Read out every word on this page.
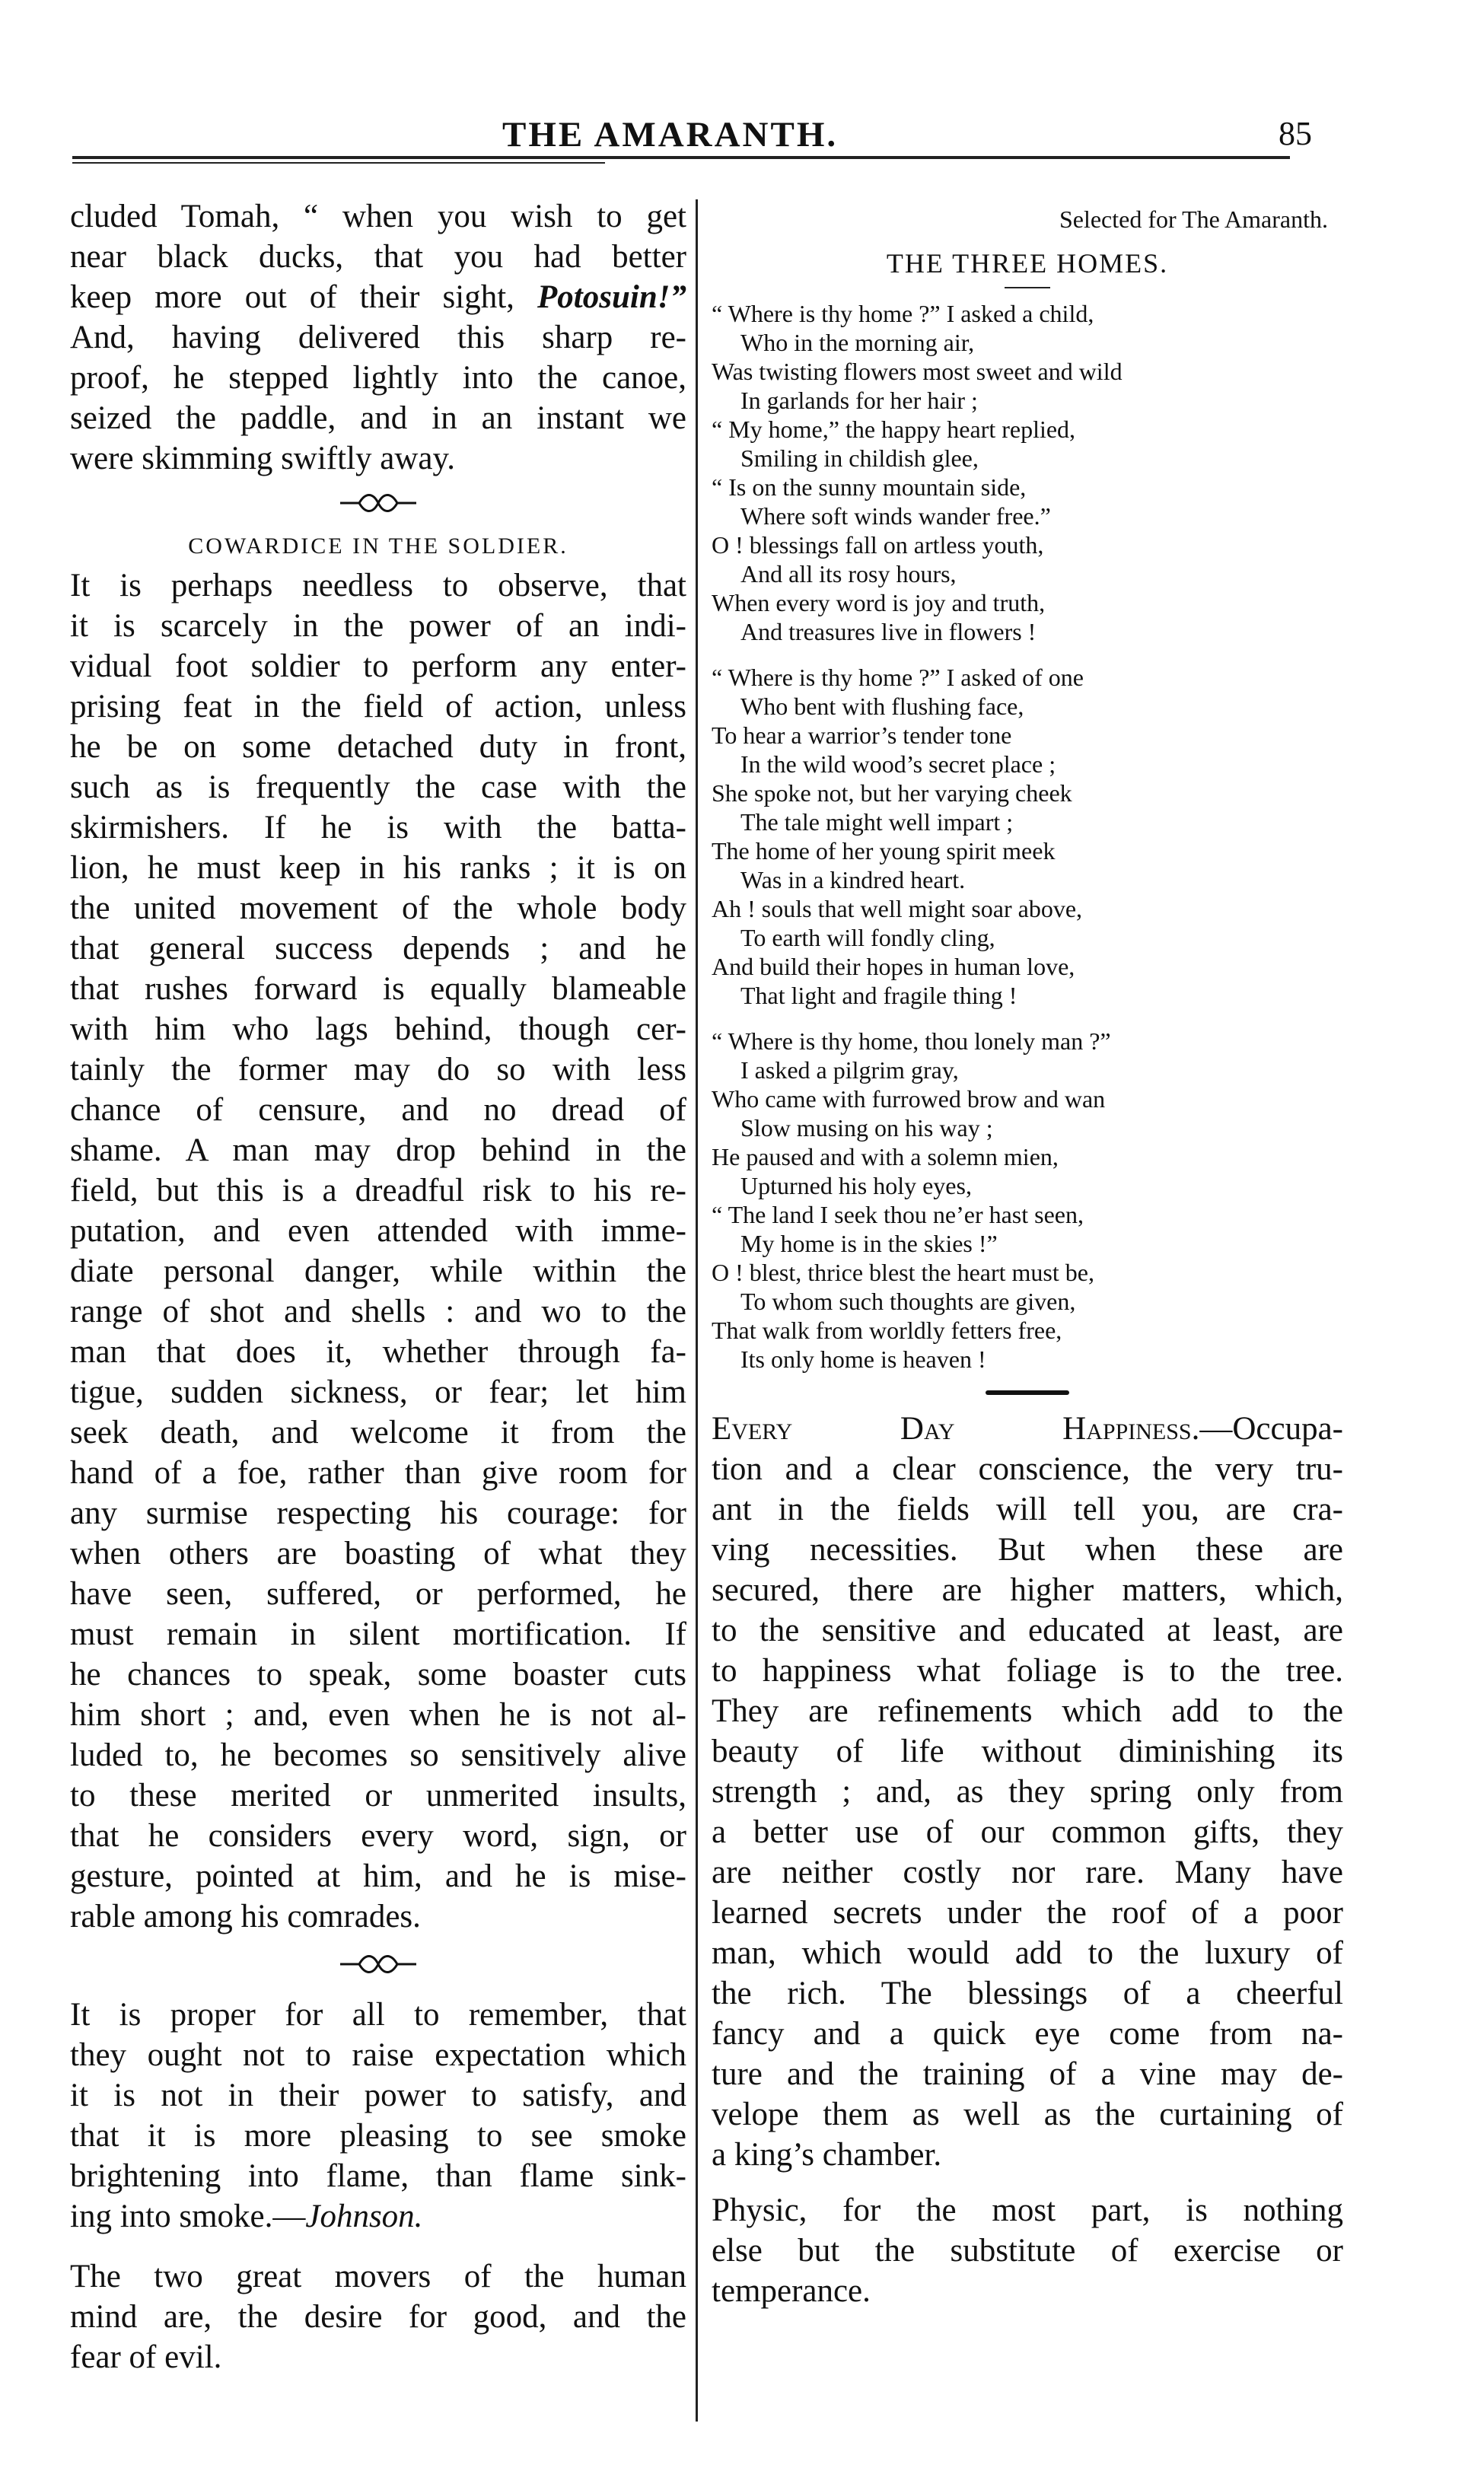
THE AMARANTH.	85
cluded Tomah, “ when you wish to get
near black ducks, that you had better
keep more out of their sight, Potosuin!”
And, having delivered this sharp re-
proof, he stepped lightly into the canoe,
seized the paddle, and in an instant we
were skimming swiftly away.
COWARDICE IN THE SOLDIER.
It is perhaps needless to observe, that
it is scarcely in the power of an indi-
vidual foot soldier to perform any enter-
prising feat in the field of action, unless
he be on some detached duty in front,
such as is frequently the case with the
skirmishers. If he is with the batta-
lion, he must keep in his ranks ; it is on
the united movement of the whole body
that general success depends ; and he
that rushes forward is equally blameable
with him who lags behind, though cer-
tainly the former may do so with less
chance of censure, and no dread of
shame. A man may drop behind in the
field, but this is a dreadful risk to his re-
putation, and even attended with imme-
diate personal danger, while within the
range of shot and shells : and wo to the
man that does it, whether through fa-
tigue, sudden sickness, or fear; let him
seek death, and welcome it from the
hand of a foe, rather than give room for
any surmise respecting his courage: for
when others are boasting of what they
have seen, suffered, or performed, he
must remain in silent mortification. If
he chances to speak, some boaster cuts
him short ; and, even when he is not al-
luded to, he becomes so sensitively alive
to these merited or unmerited insults,
that he considers every word, sign, or
gesture, pointed at him, and he is mise-
rable among his comrades.
It is proper for all to remember, that
they ought not to raise expectation which
it is not in their power to satisfy, and
that it is more pleasing to see smoke
brightening into flame, than flame sink-
ing into smoke.—Johnson.
The two great movers of the human
mind are, the desire for good, and the
fear of evil.
Selected for The Amaranth.
THE THREE HOMES.
“ Where is thy home ?” I asked a child,
Who in the morning air,
Was twisting flowers most sweet and wild
In garlands for her hair ;
“ My home,” the happy heart replied,
Smiling in childish glee,
“ Is on the sunny mountain side,
Where soft winds wander free.”
O ! blessings fall on artless youth,
And all its rosy hours,
When every word is joy and truth,
And treasures live in flowers !
“ Where is thy home ?” I asked of one
Who bent with flushing face,
To hear a warrior’s tender tone
In the wild wood’s secret place ;
She spoke not, but her varying cheek
The tale might well impart ;
The home of her young spirit meek
Was in a kindred heart.
Ah ! souls that well might soar above,
To earth will fondly cling,
And build their hopes in human love,
That light and fragile thing !
“ Where is thy home, thou lonely man ?”
I asked a pilgrim gray,
Who came with furrowed brow and wan
Slow musing on his way ;
He paused and with a solemn mien,
Upturned his holy eyes,
“ The land I seek thou ne’er hast seen,
My home is in the skies !”
O ! blest, thrice blest the heart must be,
To whom such thoughts are given,
That walk from worldly fetters free,
Its only home is heaven !
Every Day Happiness.—Occupa-
tion and a clear conscience, the very tru-
ant in the fields will tell you, are cra-
ving necessities. But when these are
secured, there are higher matters, which,
to the sensitive and educated at least, are
to happiness what foliage is to the tree.
They are refinements which add to the
beauty of life without diminishing its
strength ; and, as they spring only from
a better use of our common gifts, they
are neither costly nor rare. Many have
learned secrets under the roof of a poor
man, which would add to the luxury of
the rich. The blessings of a cheerful
fancy and a quick eye come from na-
ture and the training of a vine may de-
velope them as well as the curtaining of
a king’s chamber.
Physic, for the most part, is nothing
else but the substitute of exercise or
temperance.
